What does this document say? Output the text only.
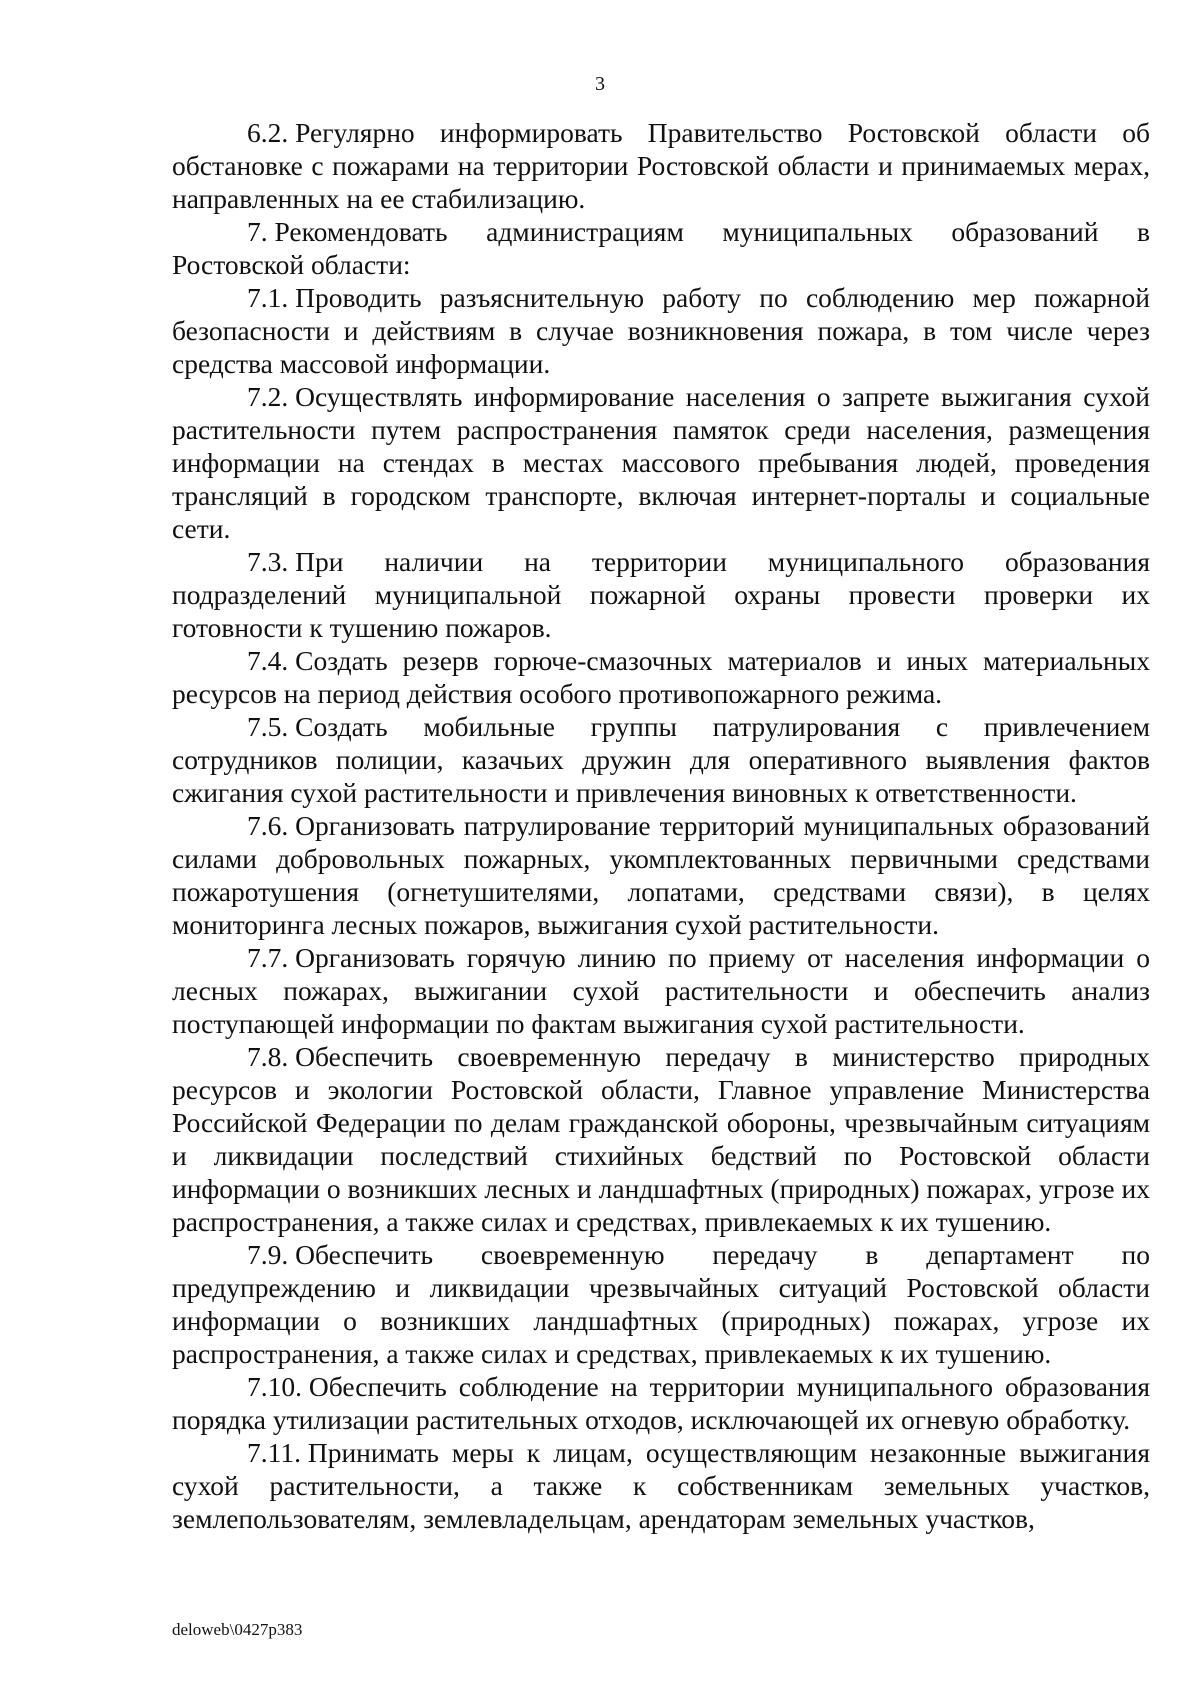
3

6.2. Регулярно информировать Правительство Ростовской области об обстановке с пожарами на территории Ростовской области и принимаемых мерах, направленных на ее стабилизацию.

7. Рекомендовать администрациям муниципальных образований в Ростовской области:

7.1. Проводить разъяснительную работу по соблюдению мер пожарной безопасности и действиям в случае возникновения пожара, в том числе через средства массовой информации.

7.2. Осуществлять информирование населения о запрете выжигания сухой растительности путем распространения памяток среди населения, размещения информации на стендах в местах массового пребывания людей, проведения трансляций в городском транспорте, включая интернет-порталы и социальные сети.

7.3. При наличии на территории муниципального образования подразделений муниципальной пожарной охраны провести проверки их готовности к тушению пожаров.

7.4. Создать резерв горюче-смазочных материалов и иных материальных ресурсов на период действия особого противопожарного режима.

7.5. Создать мобильные группы патрулирования с привлечением сотрудников полиции, казачьих дружин для оперативного выявления фактов сжигания сухой растительности и привлечения виновных к ответственности.

7.6. Организовать патрулирование территорий муниципальных образований силами добровольных пожарных, укомплектованных первичными средствами пожаротушения (огнетушителями, лопатами, средствами связи), в целях мониторинга лесных пожаров, выжигания сухой растительности.

7.7. Организовать горячую линию по приему от населения информации о лесных пожарах, выжигании сухой растительности и обеспечить анализ поступающей информации по фактам выжигания сухой растительности.

7.8. Обеспечить своевременную передачу в министерство природных ресурсов и экологии Ростовской области, Главное управление Министерства Российской Федерации по делам гражданской обороны, чрезвычайным ситуациям и ликвидации последствий стихийных бедствий по Ростовской области информации о возникших лесных и ландшафтных (природных) пожарах, угрозе их распространения, а также силах и средствах, привлекаемых к их тушению.

7.9. Обеспечить своевременную передачу в департамент по предупреждению и ликвидации чрезвычайных ситуаций Ростовской области информации о возникших ландшафтных (природных) пожарах, угрозе их распространения, а также силах и средствах, привлекаемых к их тушению.

7.10. Обеспечить соблюдение на территории муниципального образования порядка утилизации растительных отходов, исключающей их огневую обработку.

7.11. Принимать меры к лицам, осуществляющим незаконные выжигания сухой растительности, а также к собственникам земельных участков, землепользователям, землевладельцам, арендаторам земельных участков,

deloweb\0427p383
